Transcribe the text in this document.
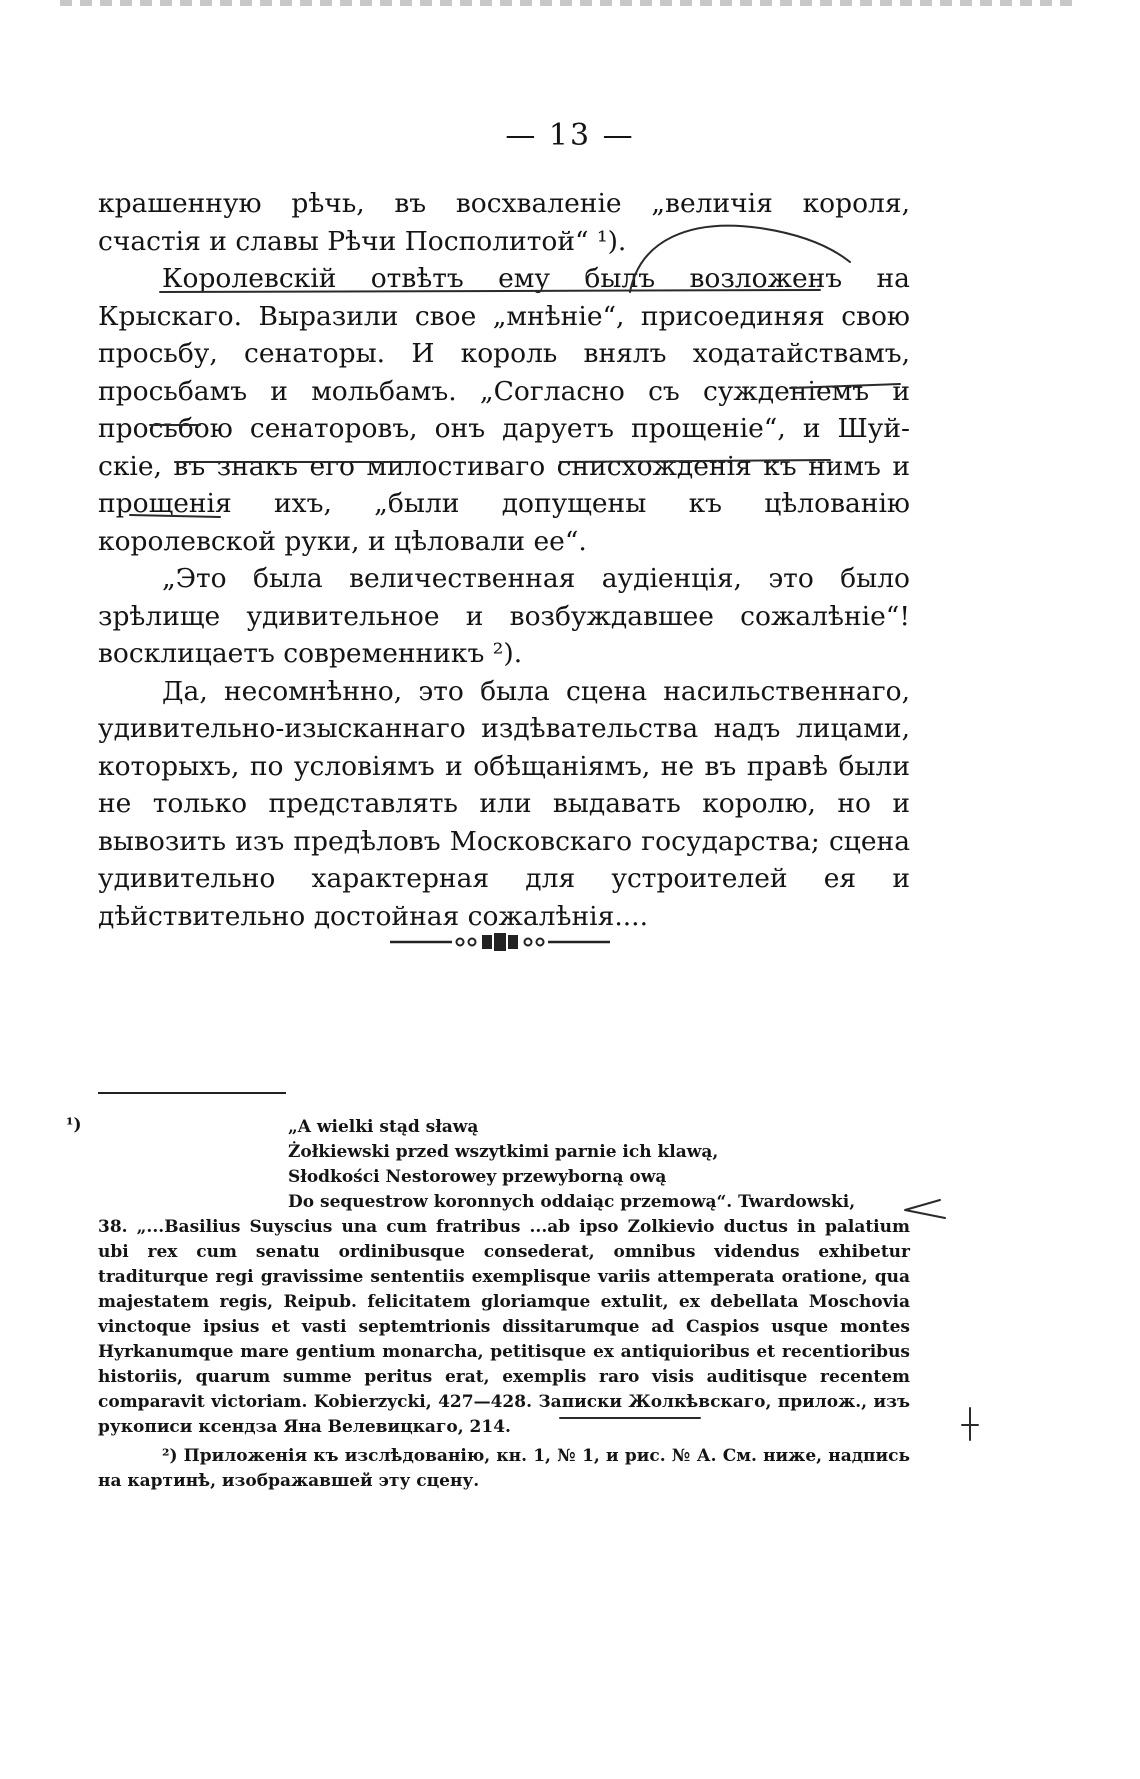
— 13 —

крашенную рѣчь, въ восхваленіе „величія короля, счастія и славы Рѣчи Посполитой“ ¹).

Королевскій отвѣтъ ему былъ возложенъ на Крыскаго. Выразили свое „мнѣніе“, присоединяя свою просьбу, сенаторы. И король внялъ ходатайствамъ, просьбамъ и мольбамъ. „Согласно съ сужденіемъ и просьбою сенаторовъ, онъ даруетъ прощеніе“, и Шуйскіе, въ знакъ его милостиваго снисхожденія къ нимъ и прощенія ихъ, „были допущены къ цѣлованію королевской руки, и цѣловали ее“.

„Это была величественная аудіенція, это было зрѣлище удивительное и возбуждавшее сожалѣніе“! восклицаетъ современникъ ²).

Да, несомнѣнно, это была сцена насильственнаго, удивительно-изысканнаго издѣвательства надъ лицами, которыхъ, по условіямъ и обѣщаніямъ, не въ правѣ были не только представлять или выдавать королю, но и вывозить изъ предѣловъ Московскаго государства; сцена удивительно характерная для устроителей ея и дѣйствительно достойная сожалѣнія....

¹)	„A wielki stąd sławą
Żołkiewski przed wszytkimi parnie ich klawą,
Słodkości Nestorowey przewyborną ową
Do sequestrow koronnych oddaiąc przemową“. Twardowski,

38. „...Basilius Suyscius una cum fratribus ...ab ipso Zolkievio ductus in palatium ubi rex cum senatu ordinibusque consederat, omnibus videndus exhibetur traditurque regi gravissime sententiis exemplisque variis attemperata oratione, qua majestatem regis, Reipub. felicitatem gloriamque extulit, ex debellata Moschovia vinctoque ipsius et vasti septemtrionis dissitarumque ad Caspios usque montes Hyrkanumque mare gentium monarcha, petitisque ex antiquioribus et recentioribus historiis, quarum summe peritus erat, exemplis raro visis auditisque recentem comparavit victoriam. Kobierzycki, 427—428. Записки Жолкѣвскаго, прилож., изъ рукописи ксендза Яна Велевицкаго, 214.

²) Приложенія къ изслѣдованію, кн. 1, № 1, и рис. № А. См. ниже, надпись на картинѣ, изображавшей эту сцену.
